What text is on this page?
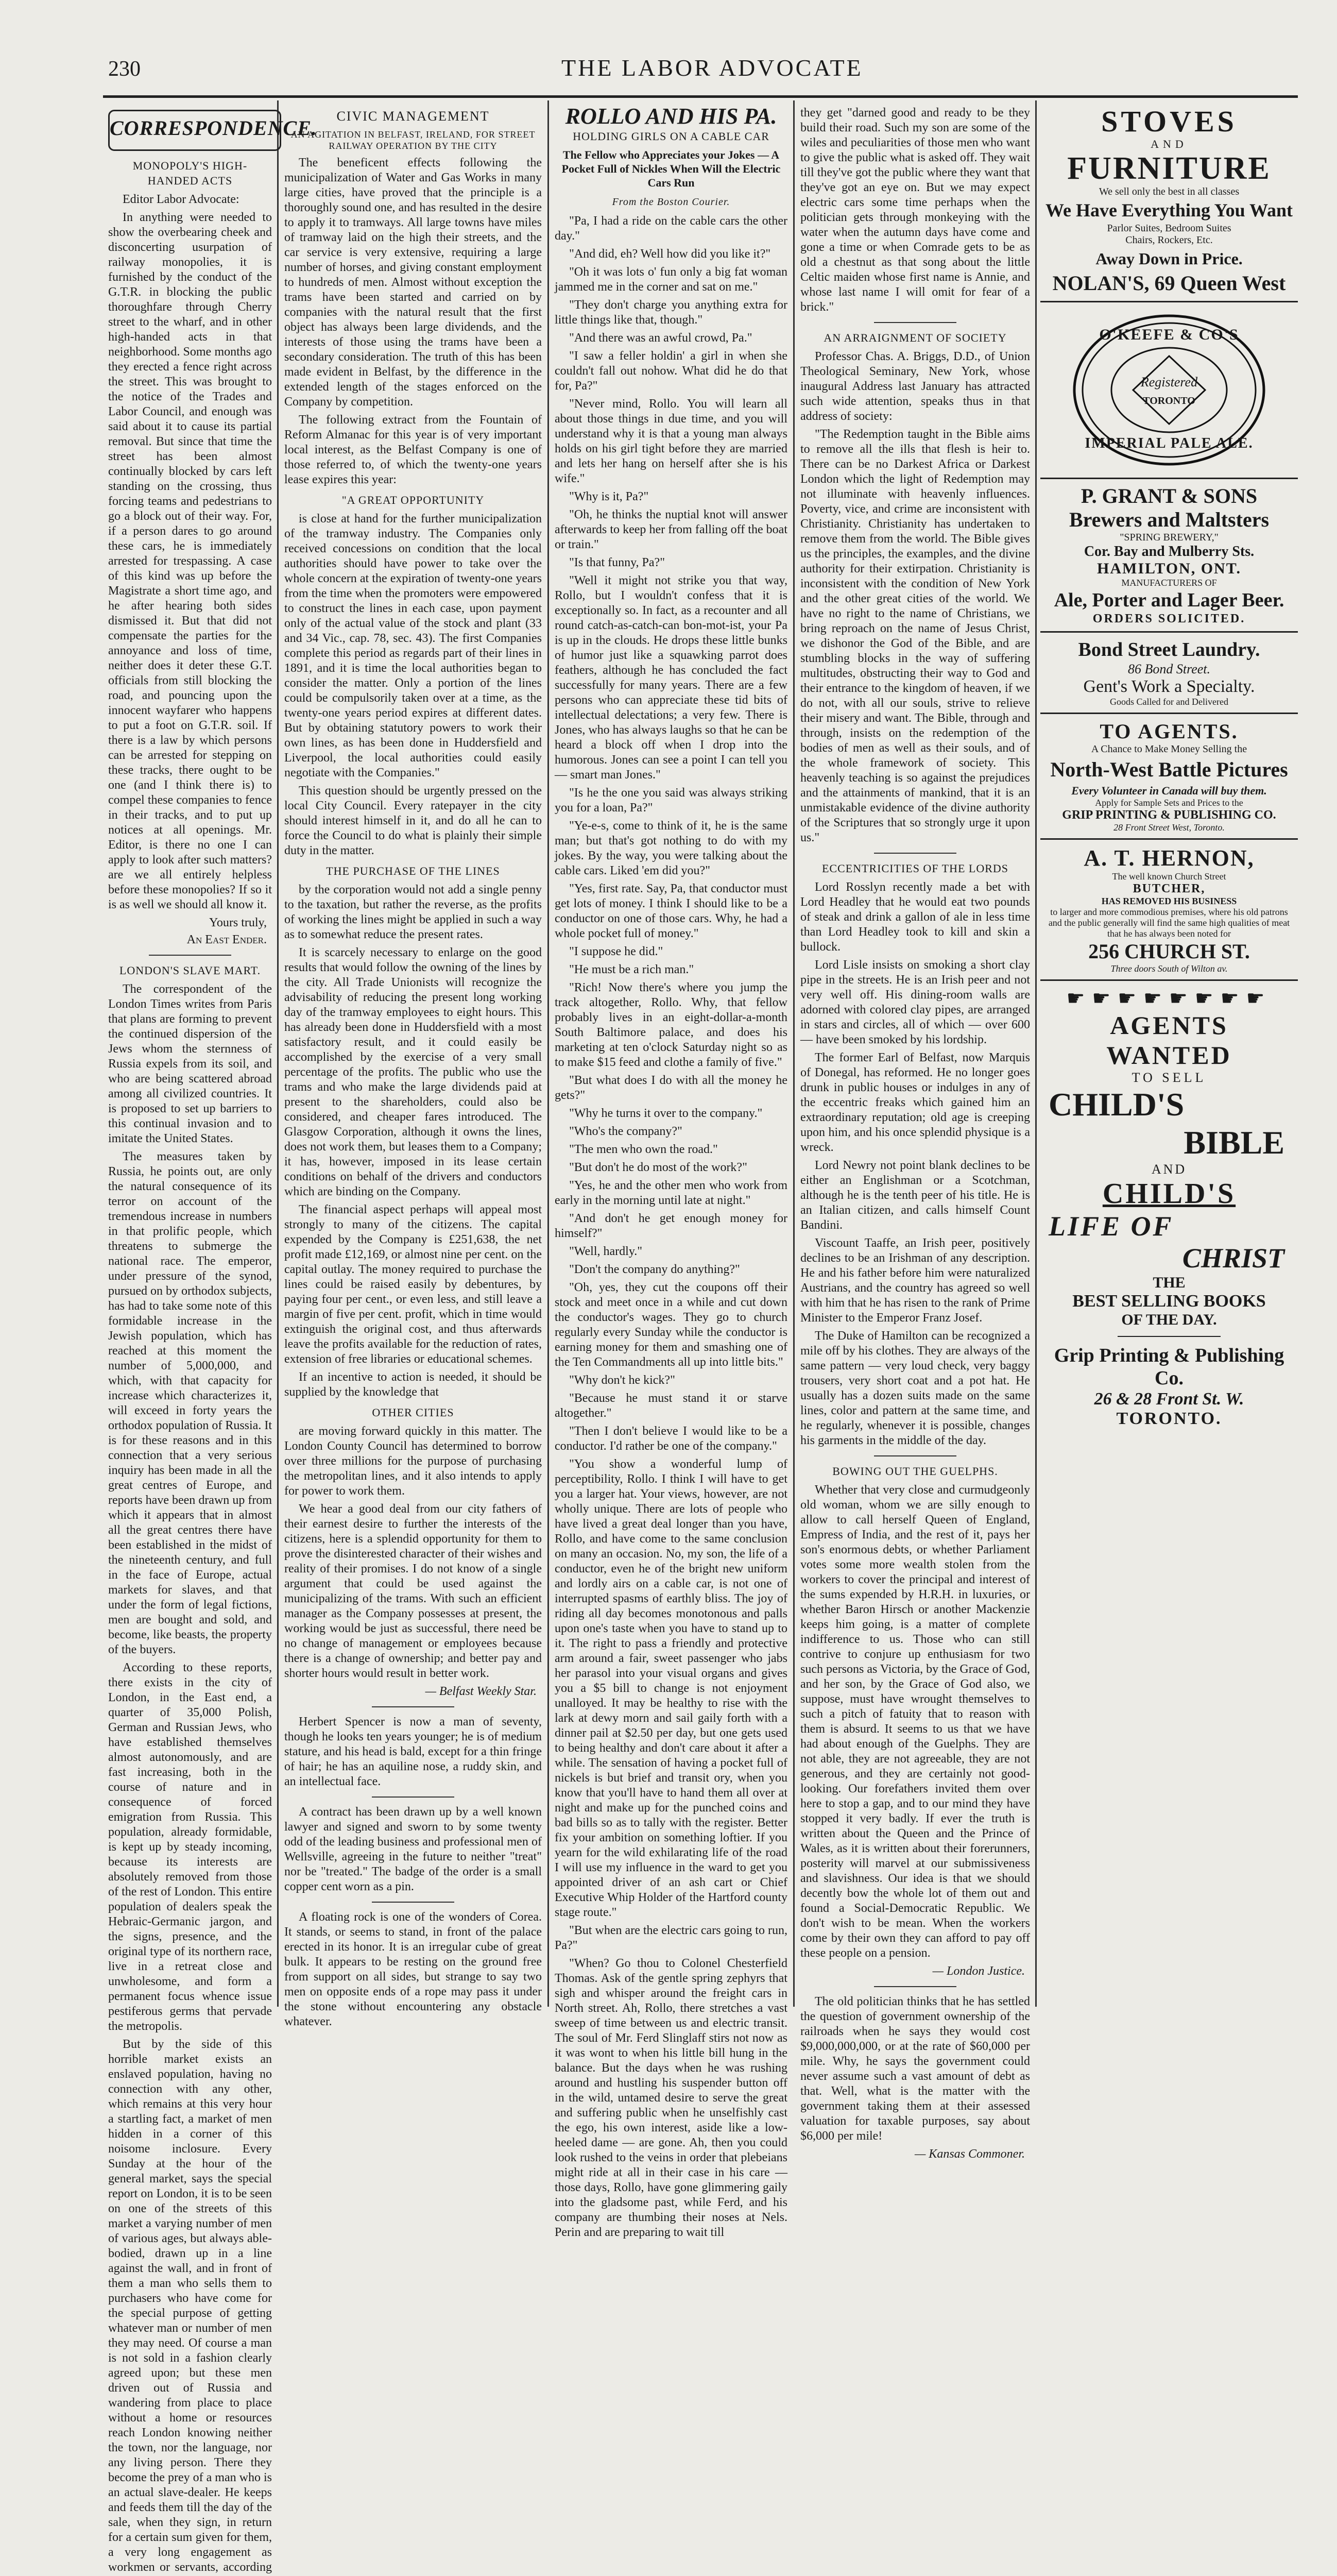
230	THE LABOR ADVOCATE
CORRESPONDENCE.
MONOPOLY'S HIGH-HANDED ACTS

Editor Labor Advocate:

In anything were needed to show the overbearing cheek and disconcerting usurpation of railway monopolies, it is furnished by the conduct of the G.T.R. in blocking the public thoroughfare through Cherry street to the wharf, and in other high-handed acts in that neighborhood. Some months ago they erected a fence right across the street. This was brought to the notice of the Trades and Labor Council, and enough was said about it to cause its partial removal. But since that time the street has been almost continually blocked by cars left standing on the crossing, thus forcing teams and pedestrians to go a block out of their way. For, if a person dares to go around these cars, he is immediately arrested for trespassing. A case of this kind was up before the Magistrate a short time ago, and he after hearing both sides dismissed it. But that did not compensate the parties for the annoyance and loss of time, neither does it deter these G.T. officials from still blocking the road, and pouncing upon the innocent wayfarer who happens to put a foot on G.T.R. soil. If there is a law by which persons can be arrested for stepping on these tracks, there ought to be one (and I think there is) to compel these companies to fence in their tracks, and to put up notices at all openings. Mr. Editor, is there no one I can apply to look after such matters? are we all entirely helpless before these monopolies? If so it is as well we should all know it.

Yours truly,
An East Ender.
LONDON'S SLAVE MART.

The correspondent of the London Times writes from Paris that plans are forming to prevent the continued dispersion of the Jews whom the sternness of Russia expels from its soil, and who are being scattered abroad among all civilized countries. It is proposed to set up barriers to this continual invasion and to imitate the United States.

The measures taken by Russia, he points out, are only the natural consequence of its terror on account of the tremendous increase in numbers in that prolific people, which threatens to submerge the national race. The emperor, under pressure of the synod, pursued on by orthodox subjects, has had to take some note of this formidable increase in the Jewish population, which has reached at this moment the number of 5,000,000, and which, with that capacity for increase which characterizes it, will exceed in forty years the orthodox population of Russia. It is for these reasons and in this connection that a very serious inquiry has been made in all the great centres of Europe, and reports have been drawn up from which it appears that in almost all the great centres there have been established in the midst of the nineteenth century, and full in the face of Europe, actual markets for slaves, and that under the form of legal fictions, men are bought and sold, and become, like beasts, the property of the buyers.

According to these reports, there exists in the city of London, in the East end, a quarter of 35,000 Polish, German and Russian Jews, who have established themselves almost autonomously, and are fast increasing, both in the course of nature and in consequence of forced emigration from Russia. This population, already formidable, is kept up by steady incoming, because its interests are absolutely removed from those of the rest of London. This entire population of dealers speak the Hebraic-Germanic jargon, and the signs, presence, and the original type of its northern race, live in a retreat close and unwholesome, and form a permanent focus whence issue pestiferous germs that pervade the metropolis.

But by the side of this horrible market exists an enslaved population, having no connection with any other, which remains at this very hour a startling fact, a market of men hidden in a corner of this noisome inclosure. Every Sunday at the hour of the general market, says the special report on London, it is to be seen on one of the streets of this market a varying number of men of various ages, but always able-bodied, drawn up in a line against the wall, and in front of them a man who sells them to purchasers who have come for the special purpose of getting whatever man or number of men they may need. Of course a man is not sold in a fashion clearly agreed upon; but these men driven out of Russia and wandering from place to place without a home or resources reach London knowing neither the town, nor the language, nor any living person. There they become the prey of a man who is an actual slave-dealer. He keeps and feeds them till the day of the sale, when they sign, in return for a certain sum given for them, a very long engagement as workmen or servants, according

CIVIC MANAGEMENT
AN AGITATION IN BELFAST, IRELAND, FOR STREET RAILWAY OPERATION BY THE CITY

The beneficent effects following the municipalization of Water and Gas Works in many large cities, have proved that the principle is a thoroughly sound one, and has resulted in the desire to apply it to tramways. All large towns have miles of tramway laid on the high their streets, and the car service is very extensive, requiring a large number of horses, and giving constant employment to hundreds of men. Almost without exception the trams have been started and carried on by companies with the natural result that the first object has always been large dividends, and the interests of those using the trams have been a secondary consideration. The truth of this has been made evident in Belfast, by the difference in the extended length of the stages enforced on the Company by competition.

The following extract from the Fountain of Reform Almanac for this year is of very important local interest, as the Belfast Company is one of those referred to, of which the twenty-one years lease expires this year:

"A GREAT OPPORTUNITY

is close at hand for the further municipalization of the tramway industry. The Companies only received concessions on condition that the local authorities should have power to take over the whole concern at the expiration of twenty-one years from the time when the promoters were empowered to construct the lines in each case, upon payment only of the actual value of the stock and plant (33 and 34 Vic., cap. 78, sec. 43). The first Companies complete this period as regards part of their lines in 1891, and it is time the local authorities began to consider the matter. Only a portion of the lines could be compulsorily taken over at a time, as the twenty-one years period expires at different dates. But by obtaining statutory powers to work their own lines, as has been done in Huddersfield and Liverpool, the local authorities could easily negotiate with the Companies."

This question should be urgently pressed on the local City Council. Every ratepayer in the city should interest himself in it, and do all he can to force the Council to do what is plainly their simple duty in the matter.

THE PURCHASE OF THE LINES

by the corporation would not add a single penny to the taxation, but rather the reverse, as the profits of working the lines might be applied in such a way as to somewhat reduce the present rates.

It is scarcely necessary to enlarge on the good results that would follow the owning of the lines by the city. All Trade Unionists will recognize the advisability of reducing the present long working day of the tramway employees to eight hours. This has already been done in Huddersfield with a most satisfactory result, and it could easily be accomplished by the exercise of a very small percentage of the profits. The public who use the trams and who make the large dividends paid at present to the shareholders, could also be considered, and cheaper fares introduced. The Glasgow Corporation, although it owns the lines, does not work them, but leases them to a Company; it has, however, imposed in its lease certain conditions on behalf of the drivers and conductors which are binding on the Company.

The financial aspect perhaps will appeal most strongly to many of the citizens. The capital expended by the Company is £251,638, the net profit made £12,169, or almost nine per cent. on the capital outlay. The money required to purchase the lines could be raised easily by debentures, by paying four per cent., or even less, and still leave a margin of five per cent. profit, which in time would extinguish the original cost, and thus afterwards leave the profits available for the reduction of rates, extension of free libraries or educational schemes.

If an incentive to action is needed, it should be supplied by the knowledge that

OTHER CITIES

are moving forward quickly in this matter. The London County Council has determined to borrow over three millions for the purpose of purchasing the metropolitan lines, and it also intends to apply for power to work them.

We hear a good deal from our city fathers of their earnest desire to further the interests of the citizens, here is a splendid opportunity for them to prove the disinterested character of their wishes and reality of their promises. I do not know of a single argument that could be used against the municipalizing of the trams. With such an efficient manager as the Company possesses at present, the working would be just as successful, there need be no change of management or employees because there is a change of ownership; and better pay and shorter hours would result in better work.

— Belfast Weekly Star.

Herbert Spencer is now a man of seventy, though he looks ten years younger; he is of medium stature, and his head is bald, except for a thin fringe of hair; he has an aquiline nose, a ruddy skin, and an intellectual face.

A contract has been drawn up by a well known lawyer and signed and sworn to by some twenty odd of the leading business and professional men of Wellsville, agreeing in the future to neither "treat" nor be "treated." The badge of the order is a small copper cent worn as a pin.

A floating rock is one of the wonders of Corea. It stands, or seems to stand, in front of the palace erected in its honor. It is an irregular cube of great bulk. It appears to be resting on the ground free from support on all sides, but strange to say two men on opposite ends of a rope may pass it under the stone without encountering any obstacle whatever.

ROLLO AND HIS PA.
HOLDING GIRLS ON A CABLE CAR
The Fellow who Appreciates your Jokes — A Pocket Full of Nickles When Will the Electric Cars Run
From the Boston Courier.

"Pa, I had a ride on the cable cars the other day."

"And did, eh? Well how did you like it?"

"Oh it was lots o' fun only a big fat woman jammed me in the corner and sat on me."

"They don't charge you anything extra for little things like that, though."

"And there was an awful crowd, Pa."

"I saw a feller holdin' a girl in when she couldn't fall out nohow. What did he do that for, Pa?"

"Never mind, Rollo. You will learn all about those things in due time, and you will understand why it is that a young man always holds on his girl tight before they are married and lets her hang on herself after she is his wife."

"Why is it, Pa?"

"Oh, he thinks the nuptial knot will answer afterwards to keep her from falling off the boat or train."

"Is that funny, Pa?"

"Well it might not strike you that way, Rollo, but I wouldn't confess that it is exceptionally so. In fact, as a recounter and all round catch-as-catch-can bon-mot-ist, your Pa is up in the clouds. He drops these little bunks of humor just like a squawking parrot does feathers, although he has concluded the fact successfully for many years. There are a few persons who can appreciate these tid bits of intellectual delectations; a very few. There is Jones, who has always laughs so that he can be heard a block off when I drop into the humorous. Jones can see a point I can tell you — smart man Jones."

"Is he the one you said was always striking you for a loan, Pa?"

"Ye-e-s, come to think of it, he is the same man; but that's got nothing to do with my jokes. By the way, you were talking about the cable cars. Liked 'em did you?"

"Yes, first rate. Say, Pa, that conductor must get lots of money. I think I should like to be a conductor on one of those cars. Why, he had a whole pocket full of money."

"I suppose he did."

"He must be a rich man."

"Rich! Now there's where you jump the track altogether, Rollo. Why, that fellow probably lives in an eight-dollar-a-month South Baltimore palace, and does his marketing at ten o'clock Saturday night so as to make $15 feed and clothe a family of five."

"But what does I do with all the money he gets?"

"Why he turns it over to the company."

"Who's the company?"

"The men who own the road."

"But don't he do most of the work?"

"Yes, he and the other men who work from early in the morning until late at night."

"And don't he get enough money for himself?"

"Well, hardly."

"Don't the company do anything?"

"Oh, yes, they cut the coupons off their stock and meet once in a while and cut down the conductor's wages. They go to church regularly every Sunday while the conductor is earning money for them and smashing one of the Ten Commandments all up into little bits."

"Why don't he kick?"

"Because he must stand it or starve altogether."

"Then I don't believe I would like to be a conductor. I'd rather be one of the company."

"You show a wonderful lump of perceptibility, Rollo. I think I will have to get you a larger hat. Your views, however, are not wholly unique. There are lots of people who have lived a great deal longer than you have, Rollo, and have come to the same conclusion on many an occasion. No, my son, the life of a conductor, even he of the bright new uniform and lordly airs on a cable car, is not one of interrupted spasms of earthly bliss. The joy of riding all day becomes monotonous and palls upon one's taste when you have to stand up to it. The right to pass a friendly and protective arm around a fair, sweet passenger who jabs her parasol into your visual organs and gives you a $5 bill to change is not enjoyment unalloyed. It may be healthy to rise with the lark at dewy morn and sail gaily forth with a dinner pail at $2.50 per day, but one gets used to being healthy and don't care about it after a while. The sensation of having a pocket full of nickels is but brief and transit ory, when you know that you'll have to hand them all over at night and make up for the punched coins and bad bills so as to tally with the register. Better fix your ambition on something loftier. If you yearn for the wild exhilarating life of the road I will use my influence in the ward to get you appointed driver of an ash cart or Chief Executive Whip Holder of the Hartford county stage route."

"But when are the electric cars going to run, Pa?"

"When? Go thou to Colonel Chesterfield Thomas. Ask of the gentle spring zephyrs that sigh and whisper around the freight cars in North street. Ah, Rollo, there stretches a vast sweep of time between us and electric transit. The soul of Mr. Ferd Slinglaff stirs not now as it was wont to when his little bill hung in the balance. But the days when he was rushing around and hustling his suspender button off in the wild, untamed desire to serve the great and suffering public when he unselfishly cast the ego, his own interest, aside like a low-heeled dame — are gone. Ah, then you could look rushed to the veins in order that plebeians might ride at all in their case in his care — those days, Rollo, have gone glimmering gaily into the gladsome past, while Ferd, and his company are thumbing their noses at Nels. Perin and are preparing to wait till

they get "darned good and ready to be they build their road. Such my son are some of the wiles and peculiarities of those men who want to give the public what is asked off. They wait till they've got the public where they want that they've got an eye on. But we may expect electric cars some time perhaps when the politician gets through monkeying with the water when the autumn days have come and gone a time or when Comrade gets to be as old a chestnut as that song about the little Celtic maiden whose first name is Annie, and whose last name I will omit for fear of a brick."

AN ARRAIGNMENT OF SOCIETY

Professor Chas. A. Briggs, D.D., of Union Theological Seminary, New York, whose inaugural Address last January has attracted such wide attention, speaks thus in that address of society:

"The Redemption taught in the Bible aims to remove all the ills that flesh is heir to. There can be no Darkest Africa or Darkest London which the light of Redemption may not illuminate with heavenly influences. Poverty, vice, and crime are inconsistent with Christianity. Christianity has undertaken to remove them from the world. The Bible gives us the principles, the examples, and the divine authority for their extirpation. Christianity is inconsistent with the condition of New York and the other great cities of the world. We have no right to the name of Christians, we bring reproach on the name of Jesus Christ, we dishonor the God of the Bible, and are stumbling blocks in the way of suffering multitudes, obstructing their way to God and their entrance to the kingdom of heaven, if we do not, with all our souls, strive to relieve their misery and want. The Bible, through and through, insists on the redemption of the bodies of men as well as their souls, and of the whole framework of society. This heavenly teaching is so against the prejudices and the attainments of mankind, that it is an unmistakable evidence of the divine authority of the Scriptures that so strongly urge it upon us."

ECCENTRICITIES OF THE LORDS

Lord Rosslyn recently made a bet with Lord Headley that he would eat two pounds of steak and drink a gallon of ale in less time than Lord Headley took to kill and skin a bullock.

Lord Lisle insists on smoking a short clay pipe in the streets. He is an Irish peer and not very well off. His dining-room walls are adorned with colored clay pipes, are arranged in stars and circles, all of which — over 600 — have been smoked by his lordship.

The former Earl of Belfast, now Marquis of Donegal, has reformed. He no longer goes drunk in public houses or indulges in any of the eccentric freaks which gained him an extraordinary reputation; old age is creeping upon him, and his once splendid physique is a wreck.

Lord Newry not point blank declines to be either an Englishman or a Scotchman, although he is the tenth peer of his title. He is an Italian citizen, and calls himself Count Bandini.

Viscount Taaffe, an Irish peer, positively declines to be an Irishman of any description. He and his father before him were naturalized Austrians, and the country has agreed so well with him that he has risen to the rank of Prime Minister to the Emperor Franz Josef.

The Duke of Hamilton can be recognized a mile off by his clothes. They are always of the same pattern — very loud check, very baggy trousers, very short coat and a pot hat. He usually has a dozen suits made on the same lines, color and pattern at the same time, and he regularly, whenever it is possible, changes his garments in the middle of the day.

BOWING OUT THE GUELPHS.

Whether that very close and curmudgeonly old woman, whom we are silly enough to allow to call herself Queen of England, Empress of India, and the rest of it, pays her son's enormous debts, or whether Parliament votes some more wealth stolen from the workers to cover the principal and interest of the sums expended by H.R.H. in luxuries, or whether Baron Hirsch or another Mackenzie keeps him going, is a matter of complete indifference to us. Those who can still contrive to conjure up enthusiasm for two such persons as Victoria, by the Grace of God, and her son, by the Grace of God also, we suppose, must have wrought themselves to such a pitch of fatuity that to reason with them is absurd. It seems to us that we have had about enough of the Guelphs. They are not able, they are not agreeable, they are not generous, and they are certainly not good-looking. Our forefathers invited them over here to stop a gap, and to our mind they have stopped it very badly. If ever the truth is written about the Queen and the Prince of Wales, as it is written about their forerunners, posterity will marvel at our submissiveness and slavishness. Our idea is that we should decently bow the whole lot of them out and found a Social-Democratic Republic. We don't wish to be mean. When the workers come by their own they can afford to pay off these people on a pension.

— London Justice.

The old politician thinks that he has settled the question of government ownership of the railroads when he says they would cost $9,000,000,000, or at the rate of $60,000 per mile. Why, he says the government could never assume such a vast amount of debt as that. Well, what is the matter with the government taking them at their assessed valuation for taxable purposes, say about $6,000 per mile!

— Kansas Commoner.
STOVES
AND
FURNITURE
We sell only the best in all classes
We Have Everything You Want
Parlor Suites, Bedroom Suites
Chairs, Rockers, Etc.
Away Down in Price.
NOLAN'S, 69 Queen West
O'KEEFE & CO'S
Registered
TORONTO
IMPERIAL PALE ALE.
P. GRANT & SONS
Brewers and Maltsters
"SPRING BREWERY,"
Cor. Bay and Mulberry Sts.
HAMILTON, ONT.
MANUFACTURERS OF
Ale, Porter and Lager Beer.
ORDERS SOLICITED.
Bond Street Laundry.
86 Bond Street.
Gent's Work a Specialty.
Goods Called for and Delivered
TO AGENTS.
A Chance to Make Money Selling the
North-West Battle Pictures
Every Volunteer in Canada will buy them.
Apply for Sample Sets and Prices to the
GRIP PRINTING & PUBLISHING CO.
28 Front Street West, Toronto.
A. T. HERNON,
The well known Church Street
BUTCHER,
HAS REMOVED HIS BUSINESS
to larger and more commodious premises, where his old patrons and the public generally will find the same high qualities of meat that he has always been noted for
256 CHURCH ST.
Three doors South of Wilton av.
☛☛☛☛☛☛☛☛
AGENTS WANTED
TO SELL
CHILD'S
BIBLE
AND
CHILD'S
LIFE OF
CHRIST
THE
BEST SELLING BOOKS
OF THE DAY.
Grip Printing & Publishing Co.
26 & 28 Front St. W.
TORONTO.
